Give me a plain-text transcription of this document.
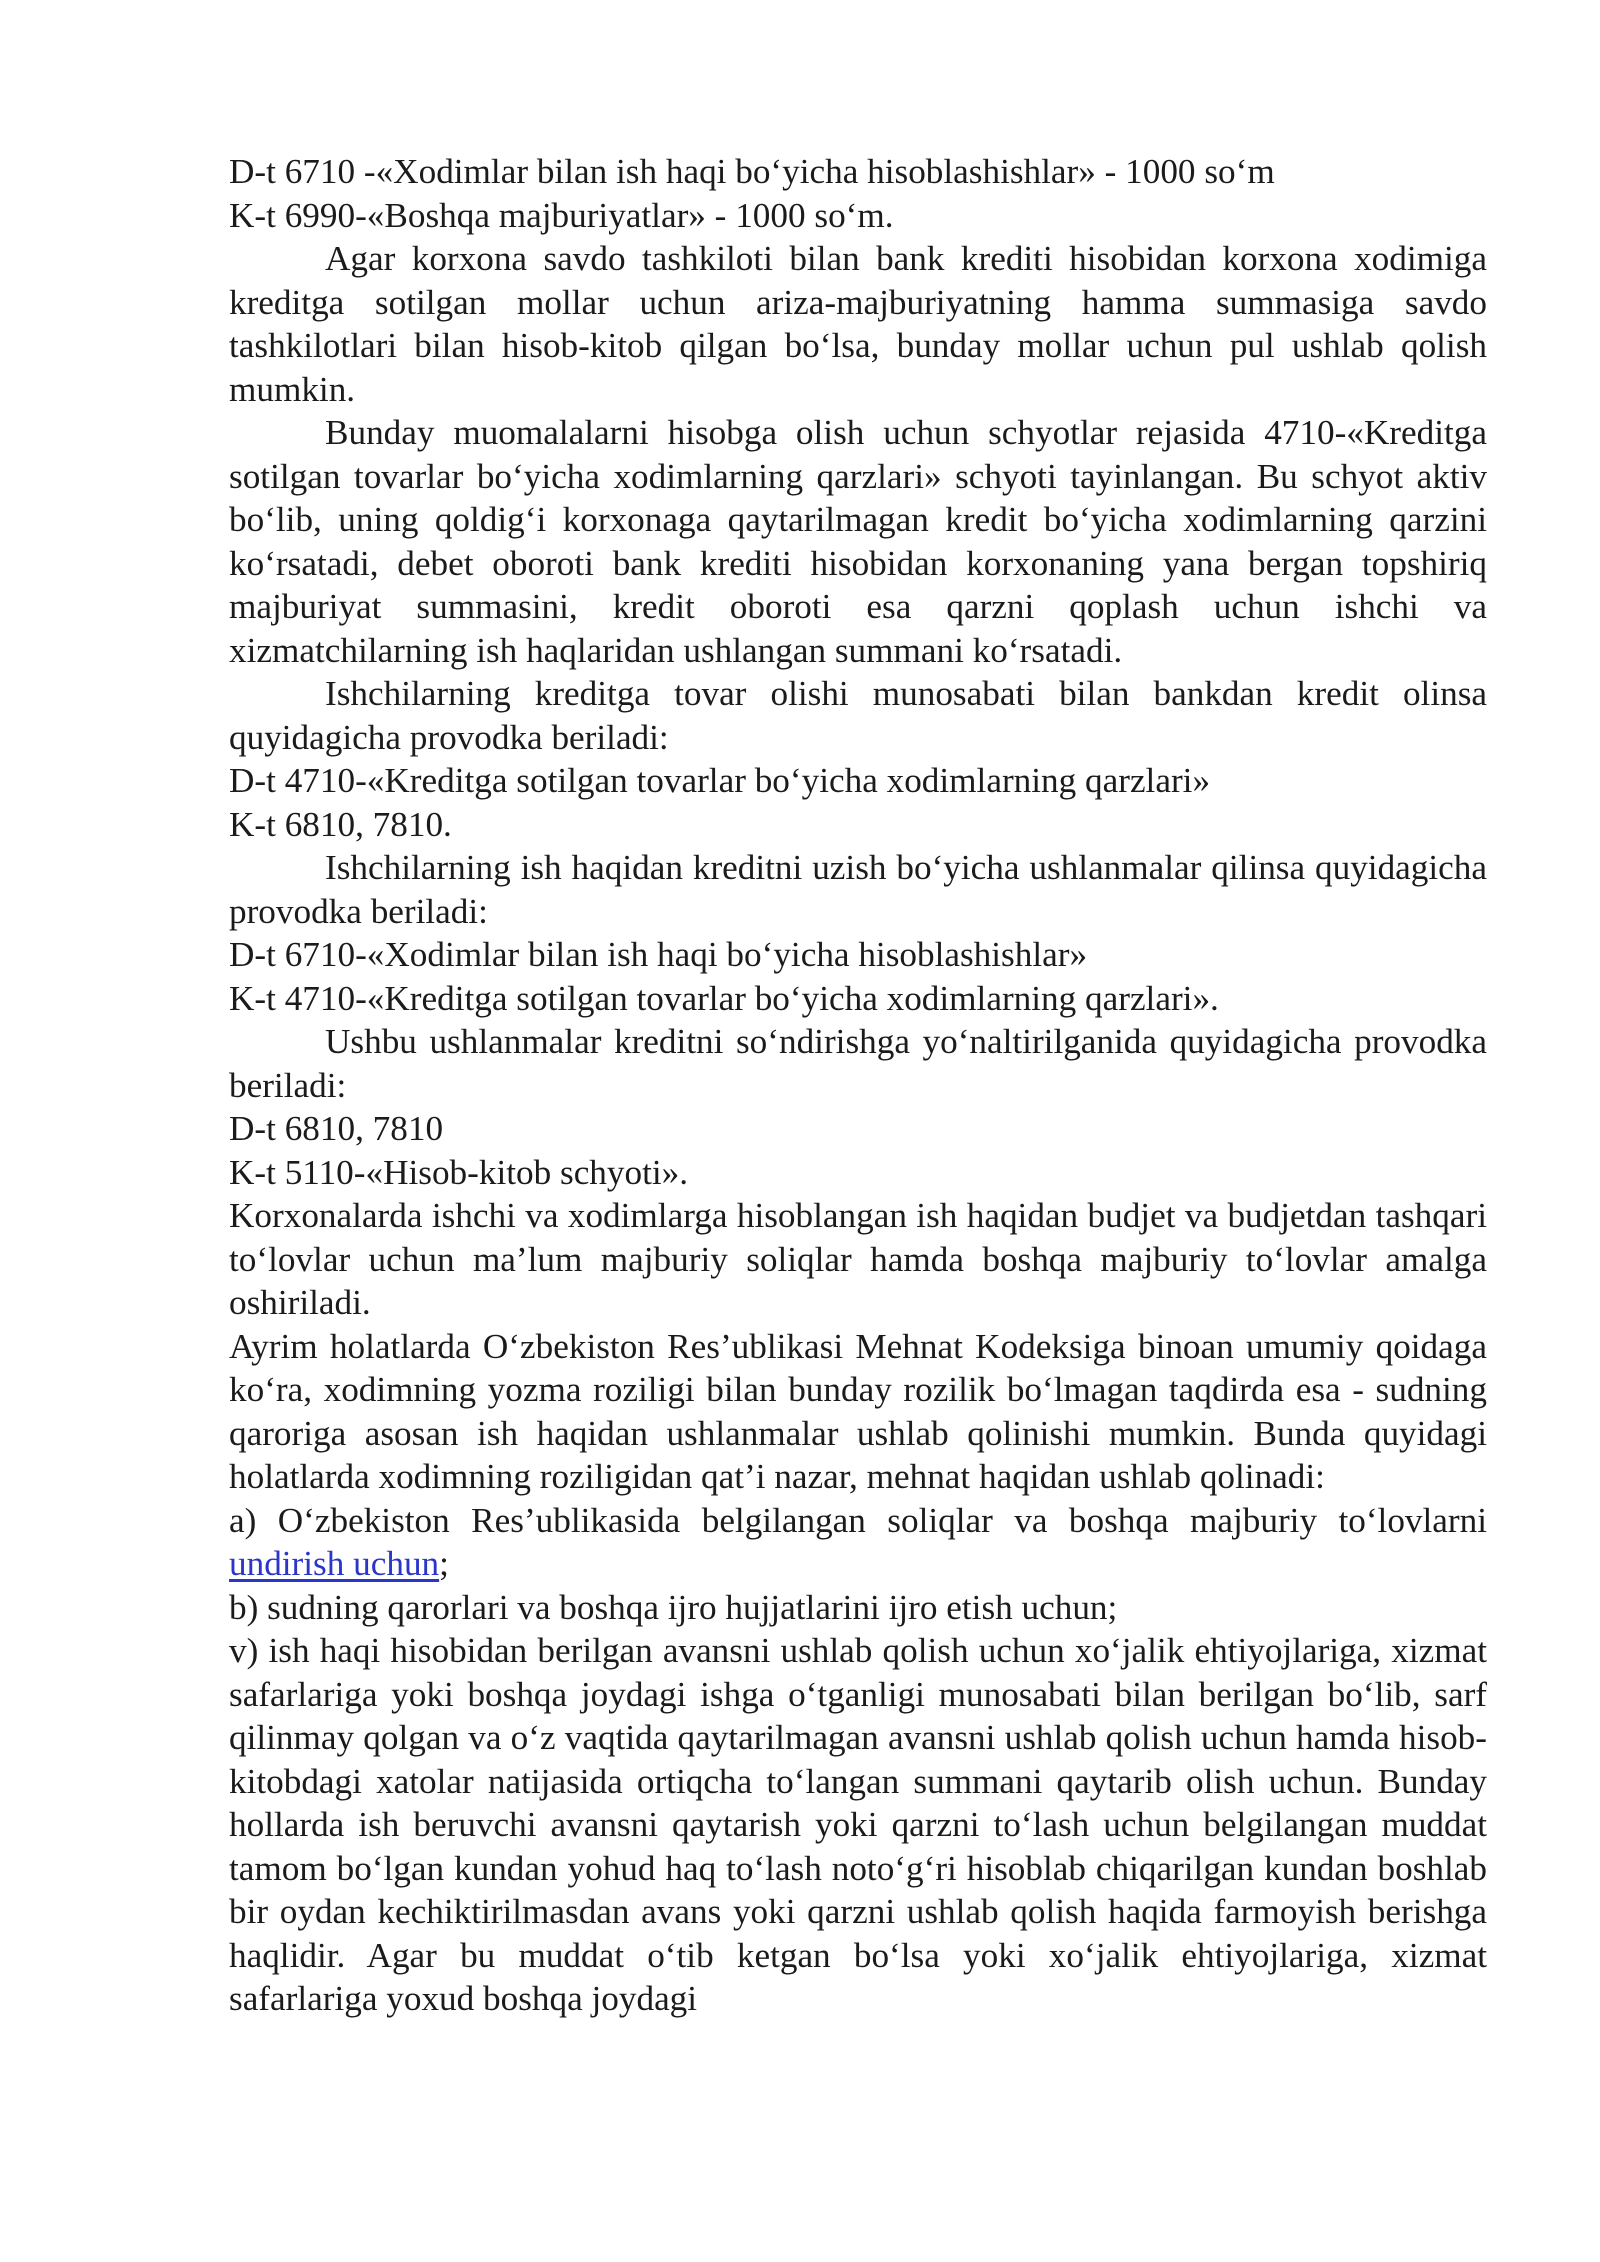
D-t 6710 -«Xodimlar bilan ish haqi bo‘yicha hisoblashishlar» - 1000 so‘m
K-t 6990-«Boshqa majburiyatlar» - 1000 so‘m.

Agar korxona savdo tashkiloti bilan bank krediti hisobidan korxona xodimiga kreditga sotilgan mollar uchun ariza-majburiyatning hamma summasiga savdo tashkilotlari bilan hisob-kitob qilgan bo‘lsa, bunday mollar uchun pul ushlab qolish mumkin.

Bunday muomalalarni hisobga olish uchun schyotlar rejasida 4710-«Kreditga sotilgan tovarlar bo‘yicha xodimlarning qarzlari» schyoti tayinlangan. Bu schyot aktiv bo‘lib, uning qoldig‘i korxonaga qaytarilmagan kredit bo‘yicha xodimlarning qarzini ko‘rsatadi, debet oboroti bank krediti hisobidan korxonaning yana bergan topshiriq majburiyat summasini, kredit oboroti esa qarzni qoplash uchun ishchi va xizmatchilarning ish haqlaridan ushlangan summani ko‘rsatadi.

Ishchilarning kreditga tovar olishi munosabati bilan bankdan kredit olinsa quyidagicha provodka beriladi:

D-t 4710-«Kreditga sotilgan tovarlar bo‘yicha xodimlarning qarzlari»
K-t 6810, 7810.

Ishchilarning ish haqidan kreditni uzish bo‘yicha ushlanmalar qilinsa quyidagicha provodka beriladi:

D-t 6710-«Xodimlar bilan ish haqi bo‘yicha hisoblashishlar»
K-t 4710-«Kreditga sotilgan tovarlar bo‘yicha xodimlarning qarzlari».

Ushbu ushlanmalar kreditni so‘ndirishga yo‘naltirilganida quyidagicha provodka beriladi:

D-t 6810, 7810
K-t 5110-«Hisob-kitob schyoti».

Korxonalarda ishchi va xodimlarga hisoblangan ish haqidan budjet va budjetdan tashqari to‘lovlar uchun ma’lum majburiy soliqlar hamda boshqa majburiy to‘lovlar amalga oshiriladi.

Ayrim holatlarda O‘zbekiston Res’ublikasi Mehnat Kodeksiga binoan umumiy qoidaga ko‘ra, xodimning yozma roziligi bilan bunday rozilik bo‘lmagan taqdirda esa - sudning qaroriga asosan ish haqidan ushlanmalar ushlab qolinishi mumkin. Bunda quyidagi holatlarda xodimning roziligidan qat’i nazar, mehnat haqidan ushlab qolinadi:

a) O‘zbekiston Res’ublikasida belgilangan soliqlar va boshqa majburiy to‘lovlarni undirish uchun;

b) sudning qarorlari va boshqa ijro hujjatlarini ijro etish uchun;

v) ish haqi hisobidan berilgan avansni ushlab qolish uchun xo‘jalik ehtiyojlariga, xizmat safarlariga yoki boshqa joydagi ishga o‘tganligi munosabati bilan berilgan bo‘lib, sarf qilinmay qolgan va o‘z vaqtida qaytarilmagan avansni ushlab qolish uchun hamda hisob-kitobdagi xatolar natijasida ortiqcha to‘langan summani qaytarib olish uchun. Bunday hollarda ish beruvchi avansni qaytarish yoki qarzni to‘lash uchun belgilangan muddat tamom bo‘lgan kundan yohud haq to‘lash noto‘g‘ri hisoblab chiqarilgan kundan boshlab bir oydan kechiktirilmasdan avans yoki qarzni ushlab qolish haqida farmoyish berishga haqlidir. Agar bu muddat o‘tib ketgan bo‘lsa yoki xo‘jalik ehtiyojlariga, xizmat safarlariga yoxud boshqa joydagi
